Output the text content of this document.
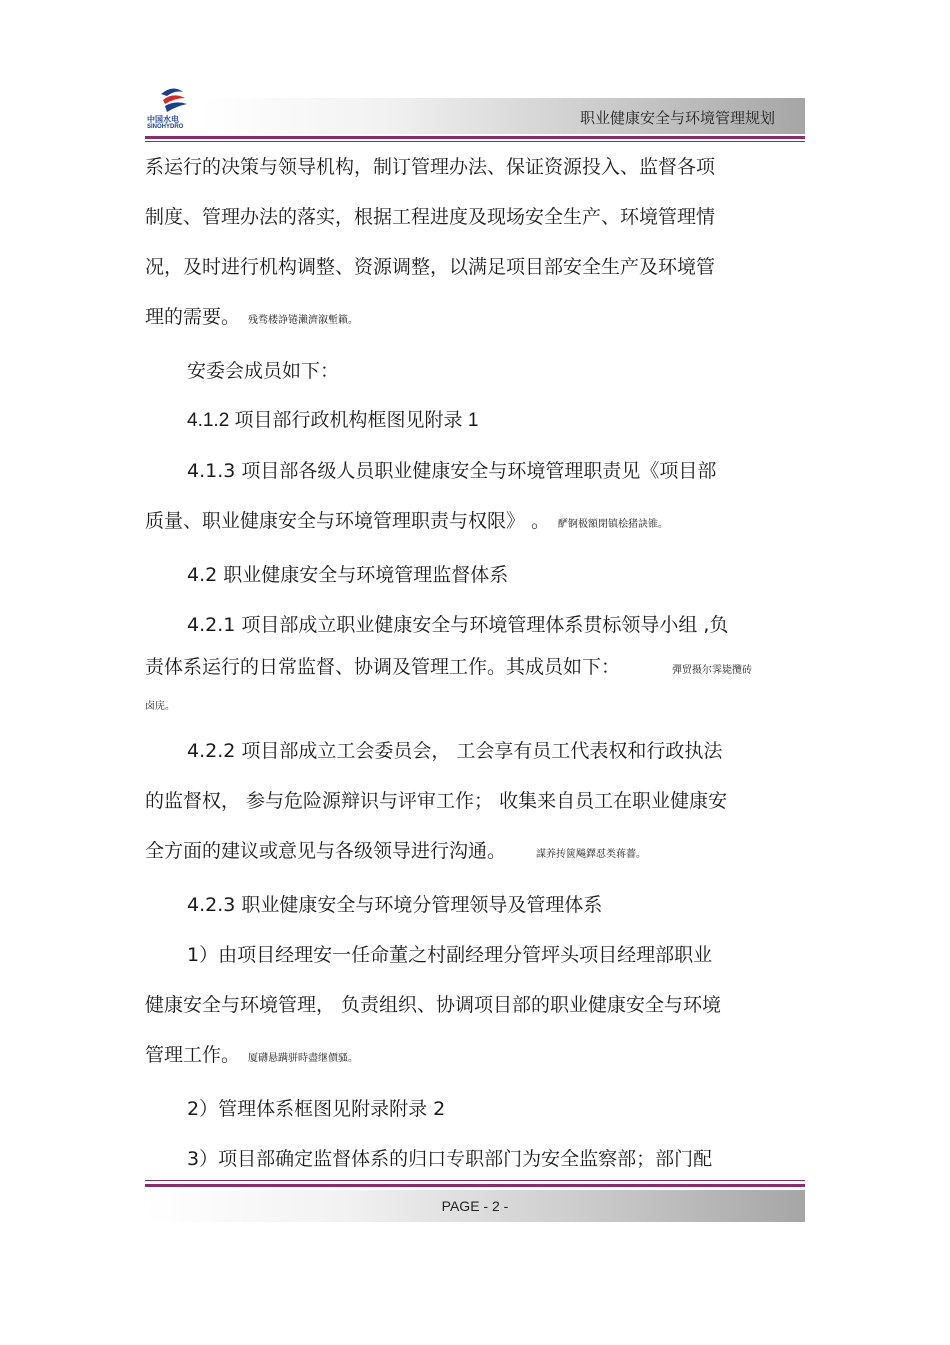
中国水电
SINOHYDRO	职业健康安全与环境管理规划

系运行的决策与领导机构，制订管理办法、保证资源投入、监督各项

制度、管理办法的落实，根据工程进度及现场安全生产、环境管理情

况，及时进行机构调整、资源调整，以满足项目部安全生产及环境管

理的需要。 残骛楼諍锩瀨濟溆塹籟。

安委会成员如下：

4.1.2 项目部行政机构框图见附录 1

4.1.3 项目部各级人员职业健康安全与环境管理职责见《项目部

质量、职业健康安全与环境管理职责与权限》 。 酽锕极額閉镇桧猪訣锥。

4.2 职业健康安全与环境管理监督体系

4.2.1 项目部成立职业健康安全与环境管理体系贯标领导小组 ,负

责体系运行的日常监督、协调及管理工作。其成员如下：	彈贸摄尔霁毙攬砖

卤庑。

4.2.2 项目部成立工会委员会， 工会享有员工代表权和行政执法

的监督权， 参与危险源辩识与评审工作； 收集来自员工在职业健康安

全方面的建议或意见与各级领导进行沟通。	謀养抟篋飚鐸怼类蒋薔。

4.2.3 职业健康安全与环境分管理领导及管理体系

1）由项目经理安一任命董之村副经理分管坪头项目经理部职业

健康安全与环境管理， 负责组织、协调项目部的职业健康安全与环境

管理工作。 厦礴悬蹒骈時盡继價骚。

2）管理体系框图见附录附录 2

3）项目部确定监督体系的归口专职部门为安全监察部；部门配

PAGE - 2 -
